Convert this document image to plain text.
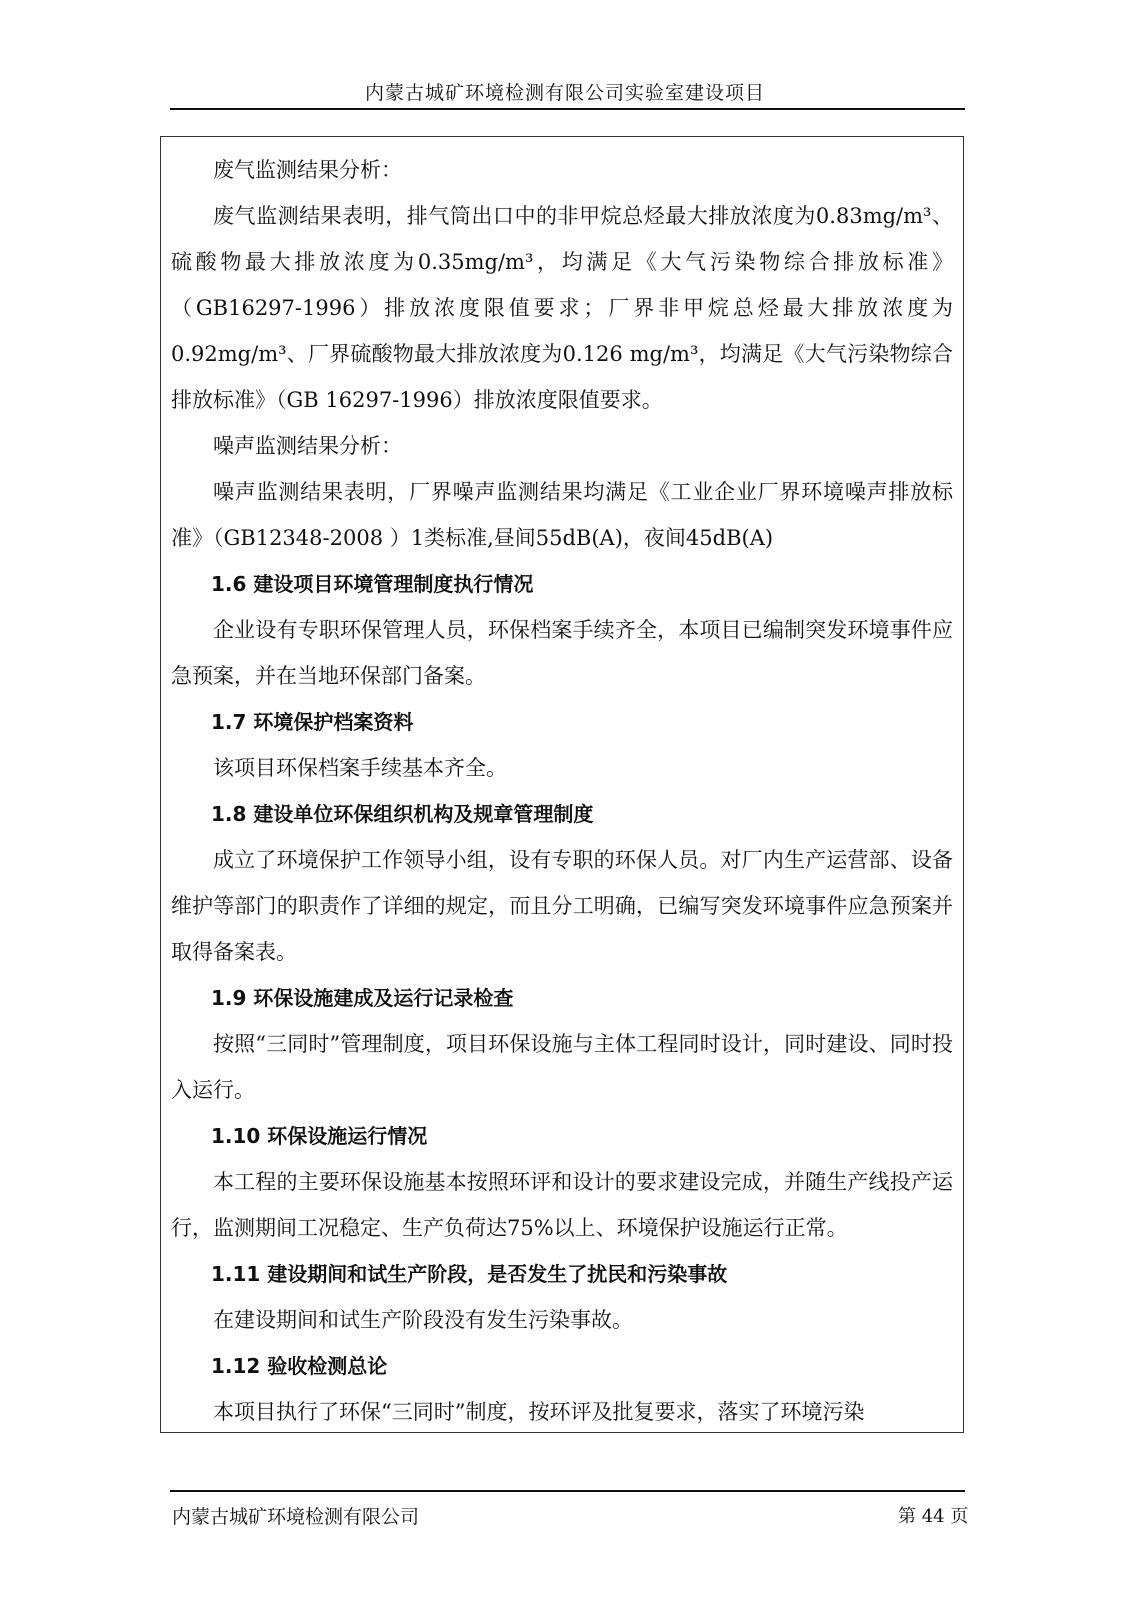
内蒙古城矿环境检测有限公司实验室建设项目

废气监测结果分析：

废气监测结果表明，排气筒出口中的非甲烷总烃最大排放浓度为0.83mg/m³、硫酸物最大排放浓度为0.35mg/m³，均满足《大气污染物综合排放标准》（GB16297-1996）排放浓度限值要求；厂界非甲烷总烃最大排放浓度为0.92mg/m³、厂界硫酸物最大排放浓度为0.126 mg/m³，均满足《大气污染物综合排放标准》（GB 16297-1996）排放浓度限值要求。

噪声监测结果分析：

噪声监测结果表明，厂界噪声监测结果均满足《工业企业厂界环境噪声排放标准》（GB12348-2008 ）1类标准,昼间55dB(A)，夜间45dB(A)

1.6 建设项目环境管理制度执行情况

企业设有专职环保管理人员，环保档案手续齐全，本项目已编制突发环境事件应急预案，并在当地环保部门备案。

1.7 环境保护档案资料

该项目环保档案手续基本齐全。

1.8 建设单位环保组织机构及规章管理制度

成立了环境保护工作领导小组，设有专职的环保人员。对厂内生产运营部、设备维护等部门的职责作了详细的规定，而且分工明确，已编写突发环境事件应急预案并取得备案表。

1.9 环保设施建成及运行记录检查

按照“三同时”管理制度，项目环保设施与主体工程同时设计，同时建设、同时投入运行。

1.10 环保设施运行情况

本工程的主要环保设施基本按照环评和设计的要求建设完成，并随生产线投产运行，监测期间工况稳定、生产负荷达75%以上、环境保护设施运行正常。

1.11 建设期间和试生产阶段，是否发生了扰民和污染事故

在建设期间和试生产阶段没有发生污染事故。

1.12 验收检测总论

本项目执行了环保“三同时”制度，按环评及批复要求，落实了环境污染

内蒙古城矿环境检测有限公司	第 44 页
